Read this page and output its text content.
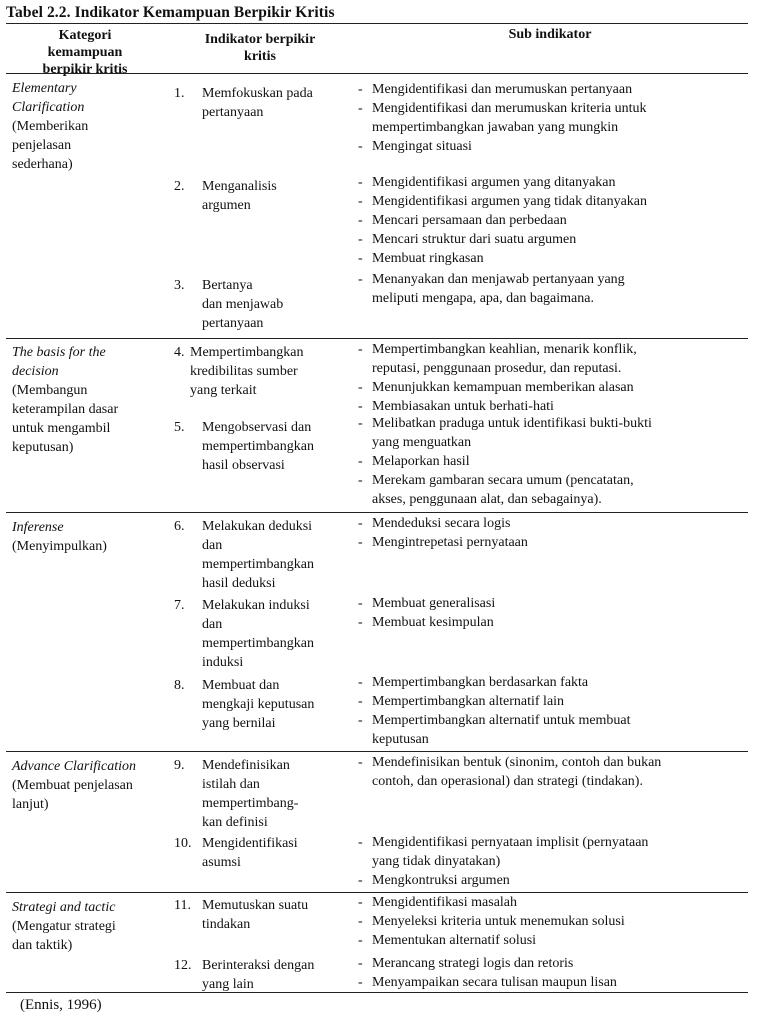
Tabel 2.2. Indikator Kemampuan Berpikir Kritis
Kategori
kemampuan
berpikir kritis
Indikator berpikir
kritis
Sub indikator
Elementary
Clarification
(Memberikan
penjelasan
sederhana)
1. Memfokuskan pada
pertanyaan
- Mengidentifikasi dan merumuskan pertanyaan
- Mengidentifikasi dan merumuskan kriteria untuk
mempertimbangkan jawaban yang mungkin
- Mengingat situasi
2. Menganalisis
argumen
- Mengidentifikasi argumen yang ditanyakan
- Mengidentifikasi argumen yang tidak ditanyakan
- Mencari persamaan dan perbedaan
- Mencari struktur dari suatu argumen
- Membuat ringkasan
3. Bertanya
dan menjawab
pertanyaan
- Menanyakan dan menjawab pertanyaan yang
meliputi mengapa, apa, dan bagaimana.
The basis for the
decision
(Membangun
keterampilan dasar
untuk mengambil
keputusan)
4. Mempertimbangkan
kredibilitas sumber
yang terkait
- Mempertimbangkan keahlian, menarik konflik,
reputasi, penggunaan prosedur, dan reputasi.
- Menunjukkan kemampuan memberikan alasan
- Membiasakan untuk berhati-hati
5. Mengobservasi dan
mempertimbangkan
hasil observasi
- Melibatkan praduga untuk identifikasi bukti-bukti
yang menguatkan
- Melaporkan hasil
- Merekam gambaran secara umum (pencatatan,
akses, penggunaan alat, dan sebagainya).
Inferense
(Menyimpulkan)
6. Melakukan deduksi
dan
mempertimbangkan
hasil deduksi
- Mendeduksi secara logis
- Mengintrepetasi pernyataan
7. Melakukan induksi
dan
mempertimbangkan
induksi
- Membuat generalisasi
- Membuat kesimpulan
8. Membuat dan
mengkaji keputusan
yang bernilai
- Mempertimbangkan berdasarkan fakta
- Mempertimbangkan alternatif lain
- Mempertimbangkan alternatif untuk membuat
keputusan
Advance Clarification
(Membuat penjelasan
lanjut)
9. Mendefinisikan
istilah dan
mempertimbang-
kan definisi
- Mendefinisikan bentuk (sinonim, contoh dan bukan
contoh, dan operasional) dan strategi (tindakan).
10. Mengidentifikasi
asumsi
- Mengidentifikasi pernyataan implisit (pernyataan
yang tidak dinyatakan)
- Mengkontruksi argumen
Strategi and tactic
(Mengatur strategi
dan taktik)
11. Memutuskan suatu
tindakan
- Mengidentifikasi masalah
- Menyeleksi kriteria untuk menemukan solusi
- Mementukan alternatif solusi
12. Berinteraksi dengan
yang lain
- Merancang strategi logis dan retoris
- Menyampaikan secara tulisan maupun lisan
(Ennis, 1996)
